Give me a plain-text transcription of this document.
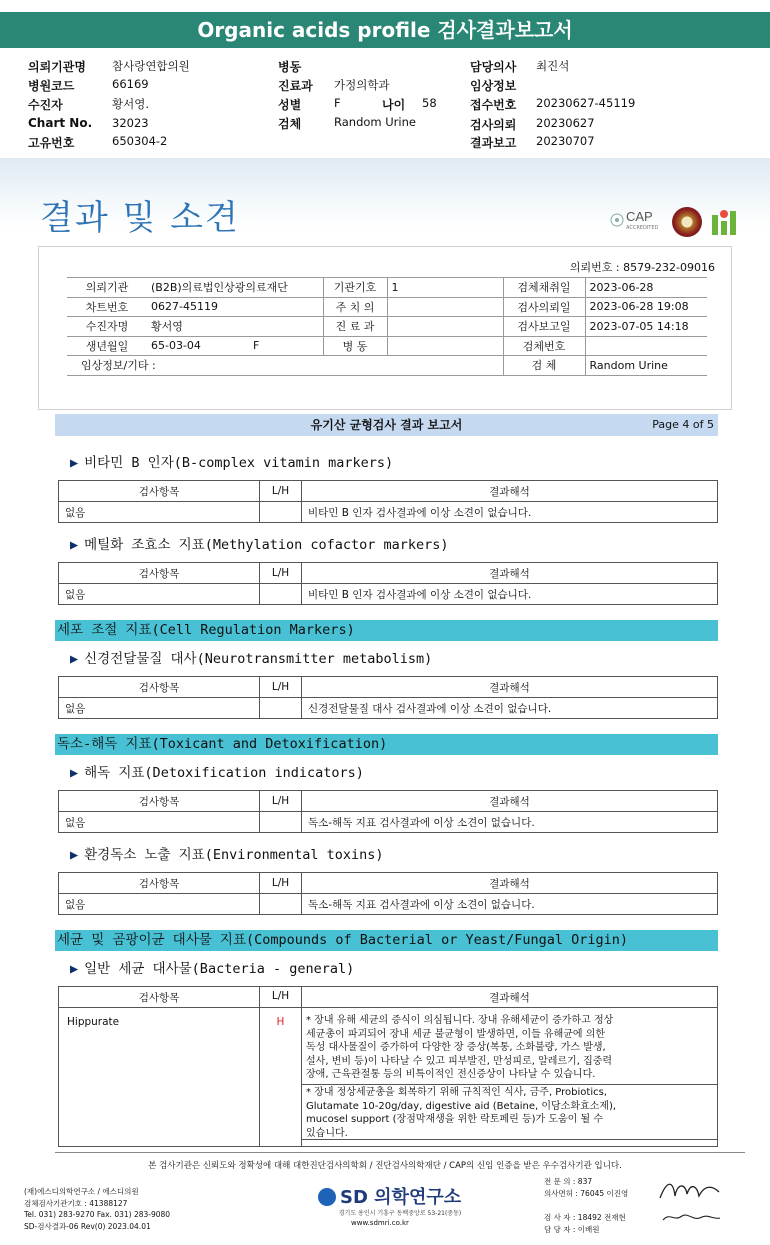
Organic acids profile 검사결과보고서
의뢰기관명 참사랑연합의원
병원코드	66169
수진자	황서영.
Chart No. 32023
고유번호	650304-2
병동
진료과 가정의학과
성별	F	나이 58
검체	Random Urine
담당의사 최진석
임상정보
접수번호 20230627-45119
검사의뢰 20230627
결과보고 20230707
결과 및 소견	CAP
ACCREDITED
의뢰번호 : 8579-232-09016
의뢰기관	(B2B)의료법인상광의료재단	기관기호	1	검체채취일	2023-06-28
차트번호	0627-45119	주 치 의		검사의뢰일	2023-06-28 19:08
수진자명	황서영	진 료 과		검사보고일	2023-07-05 14:18
생년월일	65-03-04 F	병 동		검체번호	
임상정보/기타 :				검 체	Random Urine
유기산 균형검사 결과 보고서	Page 4 of 5
▶ 비타민 B 인자(B-complex vitamin markers)
검사항목	L/H	결과해석
없음		비타민 B 인자 검사결과에 이상 소견이 없습니다.
▶ 메틸화 조효소 지표(Methylation cofactor markers)
검사항목	L/H	결과해석
없음		비타민 B 인자 검사결과에 이상 소견이 없습니다.
세포 조절 지표(Cell Regulation Markers)
▶ 신경전달물질 대사(Neurotransmitter metabolism)
검사항목	L/H	결과해석
없음		신경전달물질 대사 검사결과에 이상 소견이 없습니다.
독소-해독 지표(Toxicant and Detoxification)
▶ 해독 지표(Detoxification indicators)
검사항목	L/H	결과해석
없음		독소-해독 지표 검사결과에 이상 소견이 없습니다.
▶ 환경독소 노출 지표(Environmental toxins)
검사항목	L/H	결과해석
없음		독소-해독 지표 검사결과에 이상 소견이 없습니다.
세균 및 곰팡이균 대사물 지표(Compounds of Bacterial or Yeast/Fungal Origin)
▶ 일반 세균 대사물(Bacteria - general)
검사항목	L/H	결과해석
Hippurate	H	* 장내 유해 세균의 증식이 의심됩니다. 장내 유해세균이 증가하고 정상
세균총이 파괴되어 장내 세균 불균형이 발생하면, 이들 유해균에 의한
독성 대사물질이 증가하여 다양한 장 증상(복통, 소화불량, 가스 발생,
설사, 변비 등)이 나타날 수 있고 피부발진, 만성피로, 알레르기, 집중력
장애, 근육관절통 등의 비특이적인 전신증상이 나타날 수 있습니다.
* 장내 정상세균총을 회복하기 위해 규칙적인 식사, 금주, Probiotics,
Glutamate 10-20g/day, digestive aid (Betaine, 이담소화효소제),
mucosel support (장점막재생을 위한 락토페린 등)가 도움이 될 수
있습니다.
본 검사기관은 신뢰도와 정확성에 대해 대한진단검사의학회 / 진단검사의학재단 / CAP의 신임 인증을 받은 우수검사기관 입니다.
(재)에스디의학연구소 / 에스디의원
검체검사기관기호 : 41388127
Tel. 031) 283-9270 Fax. 031) 283-9080
SD-검사결과-06 Rev(0) 2023.04.01
SD 의학연구소
경기도 용인시 기흥구 동백중앙로 53-21(중동)
www.sdmri.co.kr
전 문 의 : 837
의사면허 : 76045 이진영

검 사 자 : 18492 전재현
담 당 자 : 이배원
